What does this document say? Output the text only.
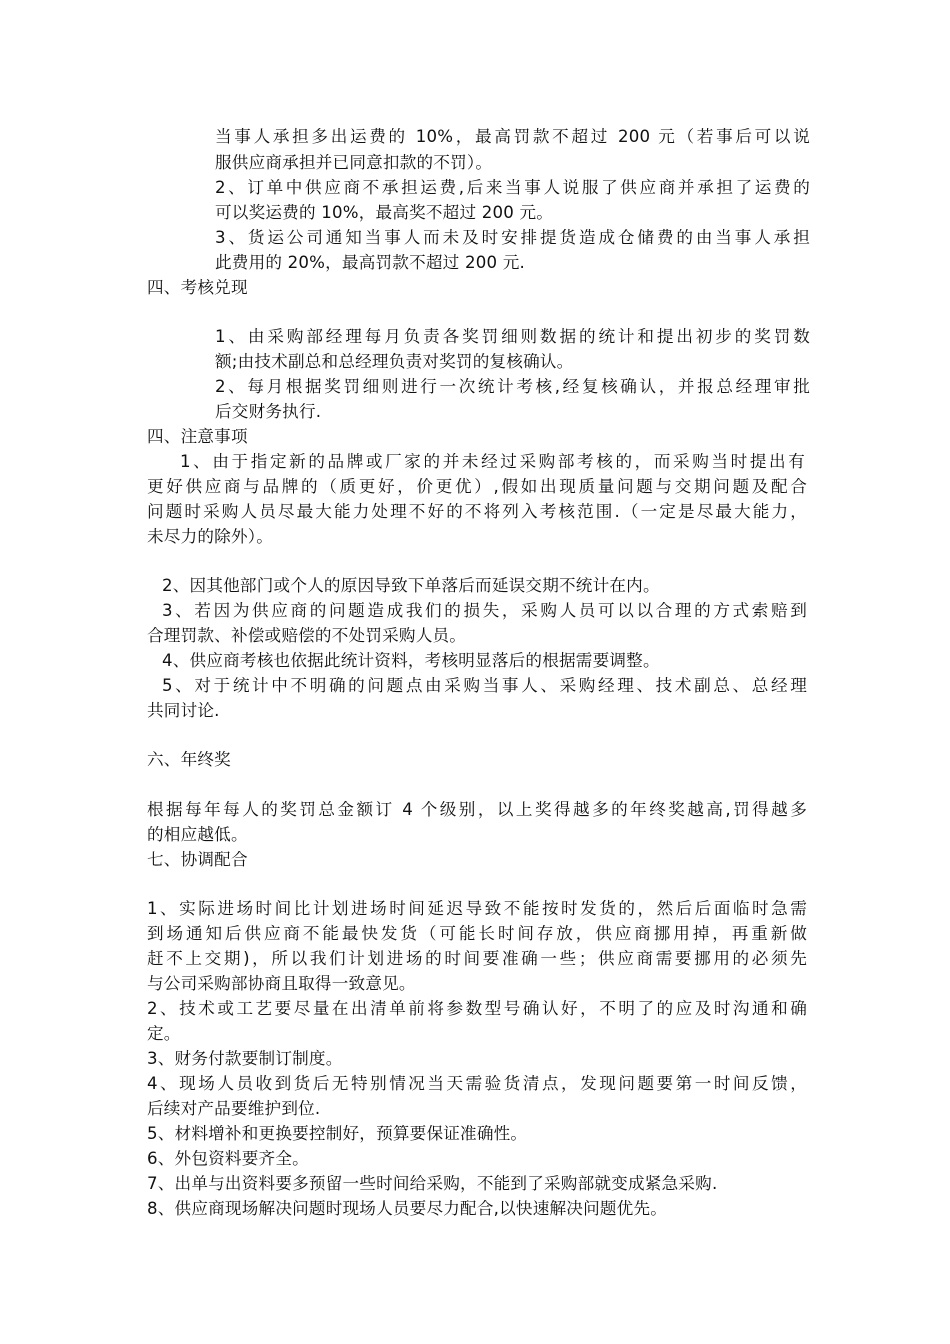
当事人承担多出运费的 10%，最高罚款不超过 200 元（若事后可以说
服供应商承担并已同意扣款的不罚）。
2、订单中供应商不承担运费,后来当事人说服了供应商并承担了运费的
可以奖运费的 10%，最高奖不超过 200 元。
3、货运公司通知当事人而未及时安排提货造成仓储费的由当事人承担
此费用的 20%，最高罚款不超过 200 元.
四、考核兑现
1、由采购部经理每月负责各奖罚细则数据的统计和提出初步的奖罚数
额;由技术副总和总经理负责对奖罚的复核确认。
2、每月根据奖罚细则进行一次统计考核,经复核确认，并报总经理审批
后交财务执行.
四、注意事项
1、由于指定新的品牌或厂家的并未经过采购部考核的，而采购当时提出有
更好供应商与品牌的（质更好，价更优）,假如出现质量问题与交期问题及配合
问题时采购人员尽最大能力处理不好的不将列入考核范围.（一定是尽最大能力，
未尽力的除外）。
2、因其他部门或个人的原因导致下单落后而延误交期不统计在内。
3、若因为供应商的问题造成我们的损失，采购人员可以以合理的方式索赔到
合理罚款、补偿或赔偿的不处罚采购人员。
4、供应商考核也依据此统计资料，考核明显落后的根据需要调整。
5、对于统计中不明确的问题点由采购当事人、采购经理、技术副总、总经理
共同讨论.
六、年终奖
根据每年每人的奖罚总金额订 4 个级别，以上奖得越多的年终奖越高,罚得越多
的相应越低。
七、协调配合
1、实际进场时间比计划进场时间延迟导致不能按时发货的，然后后面临时急需
到场通知后供应商不能最快发货（可能长时间存放，供应商挪用掉，再重新做
赶不上交期)，所以我们计划进场的时间要准确一些；供应商需要挪用的必须先
与公司采购部协商且取得一致意见。
2、技术或工艺要尽量在出清单前将参数型号确认好，不明了的应及时沟通和确
定。
3、财务付款要制订制度。
4、现场人员收到货后无特别情况当天需验货清点，发现问题要第一时间反馈，
后续对产品要维护到位.
5、材料增补和更换要控制好，预算要保证准确性。
6、外包资料要齐全。
7、出单与出资料要多预留一些时间给采购，不能到了采购部就变成紧急采购.
8、供应商现场解决问题时现场人员要尽力配合,以快速解决问题优先。
